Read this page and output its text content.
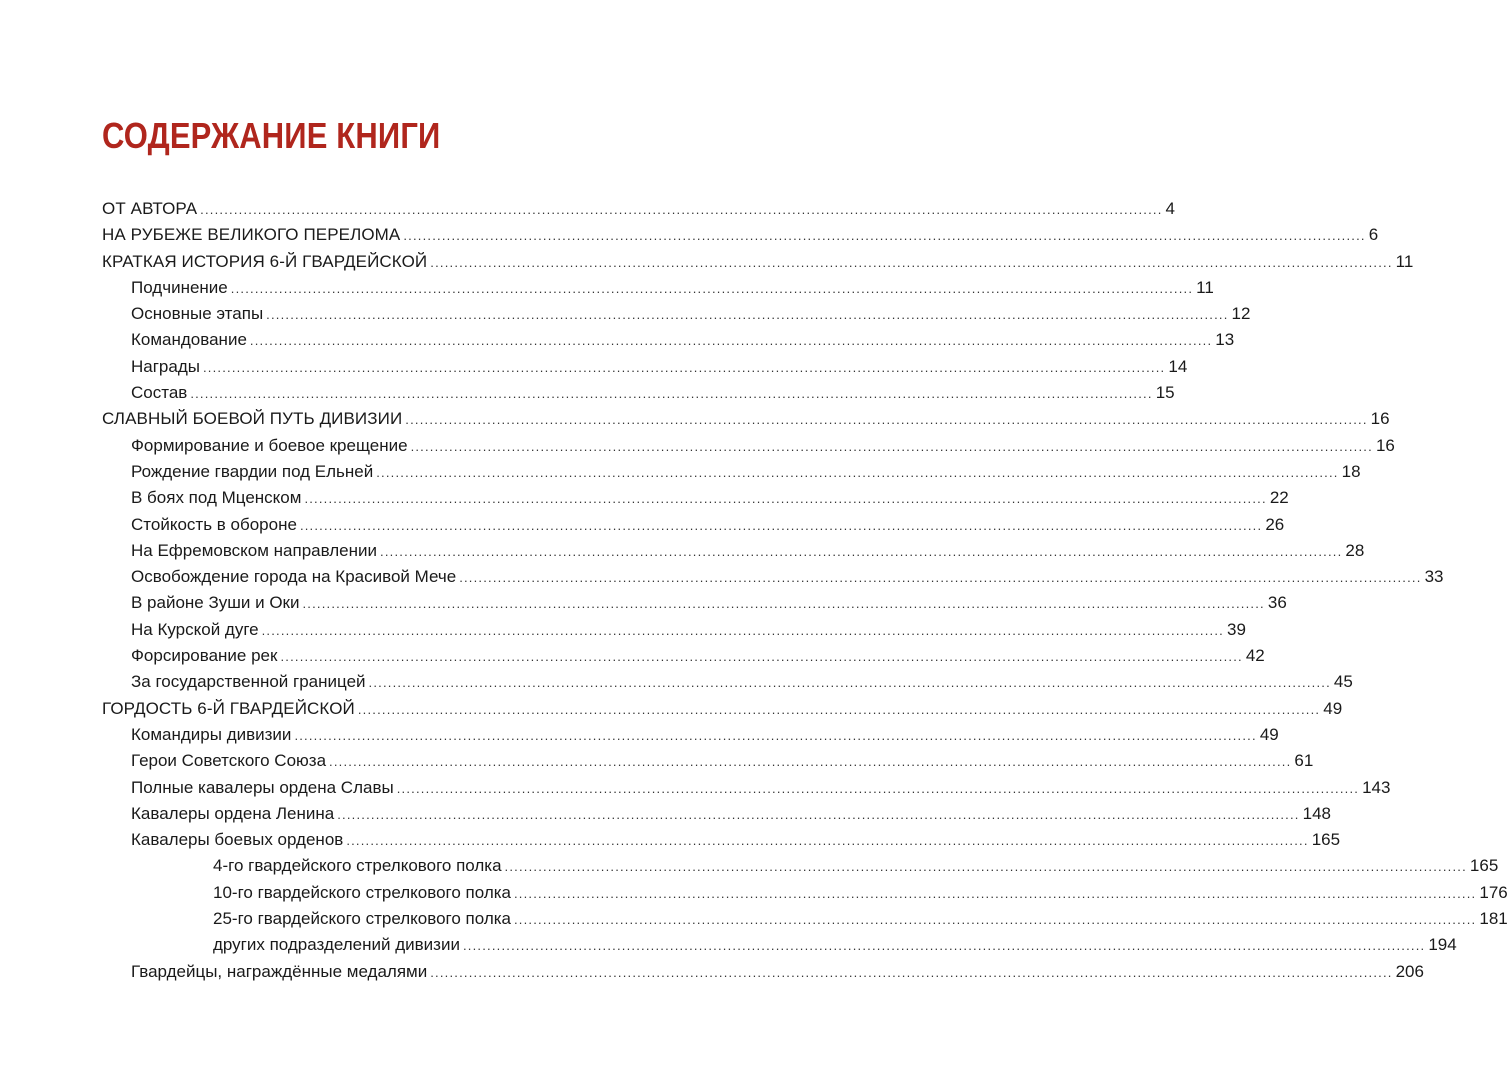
СОДЕРЖАНИЕ КНИГИ
ОТ АВТОРА ........................................................................................................................................................................................................ 4
НА РУБЕЖЕ ВЕЛИКОГО ПЕРЕЛОМА ........................................................................................................................................................................................................ 6
КРАТКАЯ ИСТОРИЯ 6-Й ГВАРДЕЙСКОЙ ........................................................................................................................................................................................................ 11
Подчинение ........................................................................................................................................................................................................ 11
Основные этапы ........................................................................................................................................................................................................ 12
Командование ........................................................................................................................................................................................................ 13
Награды ........................................................................................................................................................................................................ 14
Состав ........................................................................................................................................................................................................ 15
СЛАВНЫЙ БОЕВОЙ ПУТЬ ДИВИЗИИ ........................................................................................................................................................................................................ 16
Формирование и боевое крещение ........................................................................................................................................................................................................ 16
Рождение гвардии под Ельней ........................................................................................................................................................................................................ 18
В боях под Мценском ........................................................................................................................................................................................................ 22
Стойкость в обороне ........................................................................................................................................................................................................ 26
На Ефремовском направлении ........................................................................................................................................................................................................ 28
Освобождение города на Красивой Мече ........................................................................................................................................................................................................ 33
В районе Зуши и Оки ........................................................................................................................................................................................................ 36
На Курской дуге ........................................................................................................................................................................................................ 39
Форсирование рек ........................................................................................................................................................................................................ 42
За государственной границей ........................................................................................................................................................................................................ 45
ГОРДОСТЬ 6-Й ГВАРДЕЙСКОЙ ........................................................................................................................................................................................................ 49
Командиры дивизии ........................................................................................................................................................................................................ 49
Герои Советского Союза ........................................................................................................................................................................................................ 61
Полные кавалеры ордена Славы ........................................................................................................................................................................................................ 143
Кавалеры ордена Ленина ........................................................................................................................................................................................................ 148
Кавалеры боевых орденов ........................................................................................................................................................................................................ 165
4-го гвардейского стрелкового полка ........................................................................................................................................................................................................ 165
10-го гвардейского стрелкового полка ........................................................................................................................................................................................................ 176
25-го гвардейского стрелкового полка ........................................................................................................................................................................................................ 181
других подразделений дивизии ........................................................................................................................................................................................................ 194
Гвардейцы, награждённые медалями ........................................................................................................................................................................................................ 206
